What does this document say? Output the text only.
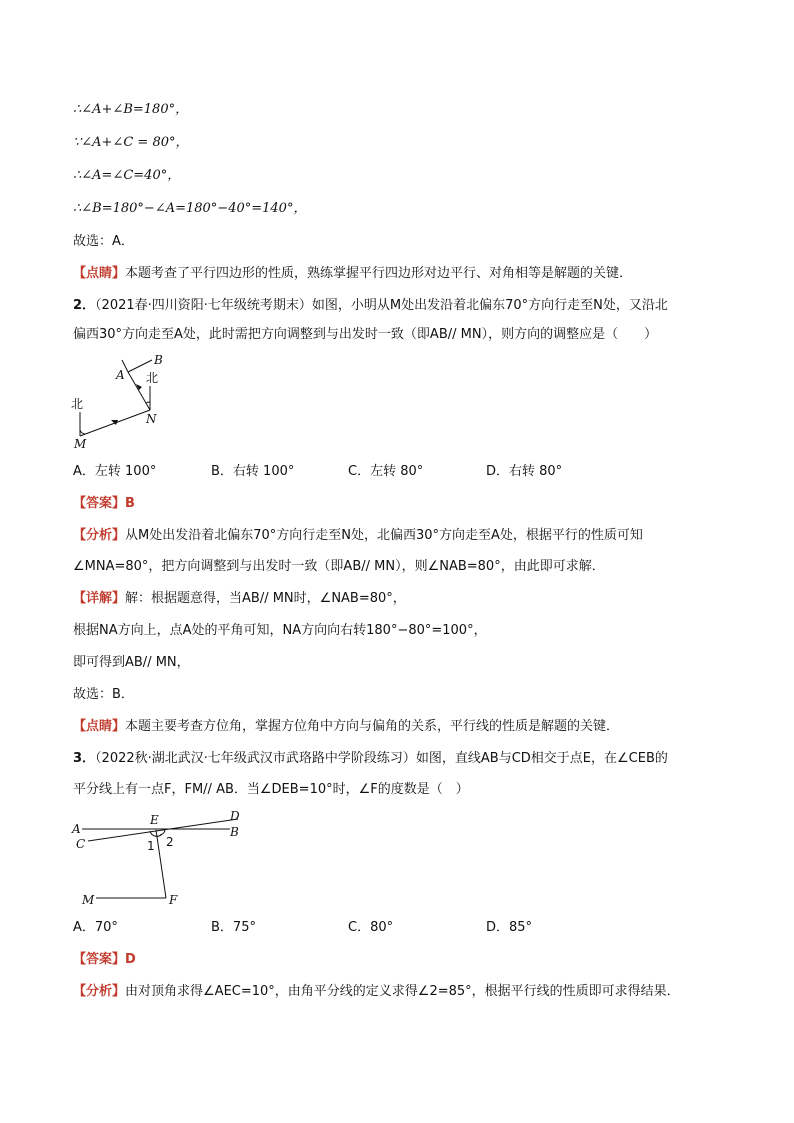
∴∠A+∠B=180°，
∵∠A+∠C = 80°，
∴∠A=∠C=40°，
∴∠B=180°−∠A=180°−40°=140°，
故选：A．
【点睛】本题考查了平行四边形的性质，熟练掌握平行四边形对边平行、对角相等是解题的关键．
2．（2021春·四川资阳·七年级统考期末）如图，小明从M处出发沿着北偏东70°方向行走至N处，又沿北
偏西30°方向走至A处，此时需把方向调整到与出发时一致（即AB// MN），则方向的调整应是（　　）
北
北
A
B
M
N
A．左转 100°	B．右转 100°	C．左转 80°	D．右转 80°
【答案】B
【分析】从M处出发沿着北偏东70°方向行走至N处，北偏西30°方向走至A处，根据平行的性质可知
∠MNA=80°，把方向调整到与出发时一致（即AB// MN），则∠NAB=80°，由此即可求解．
【详解】解：根据题意得，当AB// MN时，∠NAB=80°，
根据NA方向上，点A处的平角可知，NA方向向右转180°−80°=100°，
即可得到AB// MN，
故选：B．
【点睛】本题主要考查方位角，掌握方位角中方向与偏角的关系，平行线的性质是解题的关键．
3．（2022秋·湖北武汉·七年级武汉市武珞路中学阶段练习）如图，直线AB与CD相交于点E，在∠CEB的
平分线上有一点F，FM// AB．当∠DEB=10°时，∠F的度数是（　）
A
C
E	D
B
1 2
M	F
A．70°	B．75°	C．80°	D．85°
【答案】D
【分析】由对顶角求得∠AEC=10°，由角平分线的定义求得∠2=85°，根据平行线的性质即可求得结果．
